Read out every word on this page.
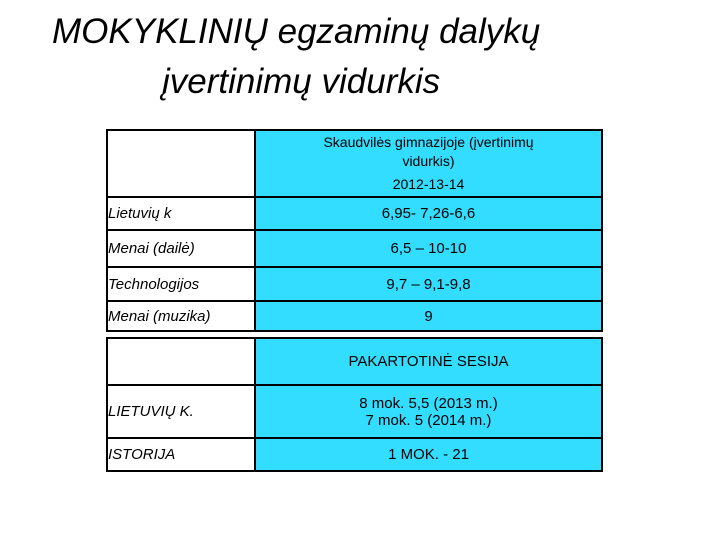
MOKYKLINIŲ egzaminų dalykų
įvertinimų vidurkis

	Skaudvilės gimnazijoje (įvertinimų
vidurkis)
2012-13-14

Lietuvių k	6,95- 7,26-6,6
Menai (dailė)	6,5 – 10-10
Technologijos	9,7 – 9,1-9,8
Menai (muzika)	9
	PAKARTOTINĖ SESIJA
LIETUVIŲ K.	8 mok. 5,5 (2013 m.)
7 mok. 5 (2014 m.)
ISTORIJA	1 MOK. - 21
